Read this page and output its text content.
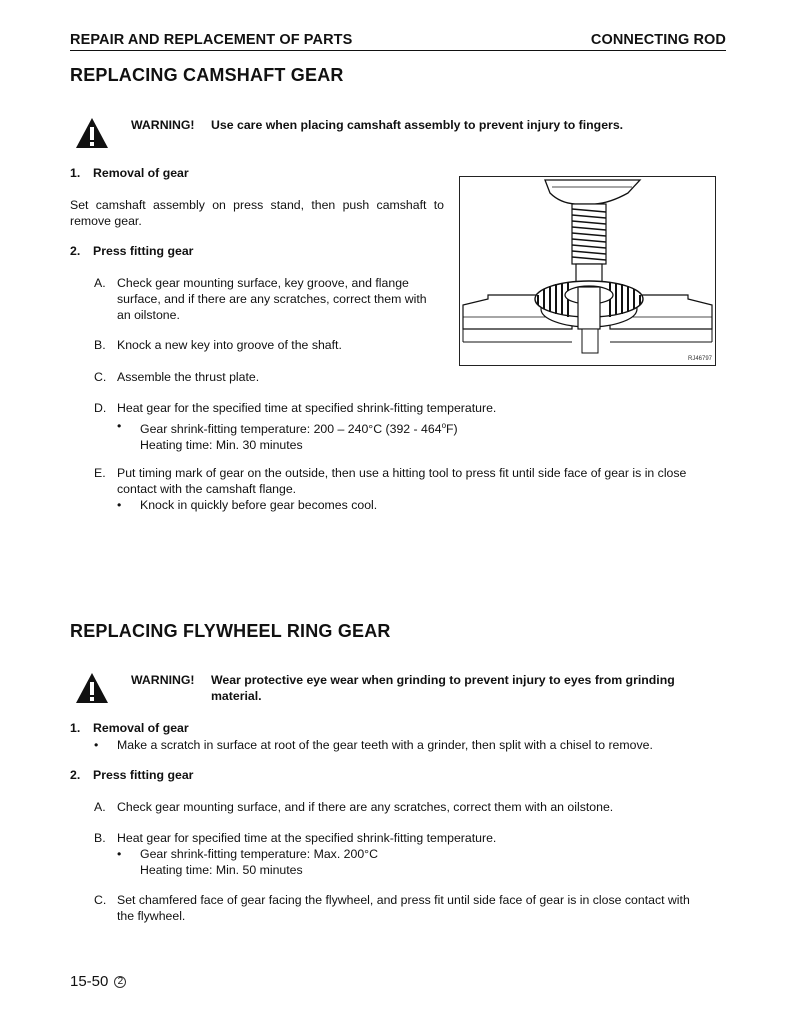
REPAIR AND REPLACEMENT OF PARTS	CONNECTING ROD
REPLACING CAMSHAFT GEAR
WARNING! Use care when placing camshaft assembly to prevent injury to fingers.
1. Removal of gear
Set camshaft assembly on press stand, then push camshaft to
remove gear.
2. Press fitting gear
A. Check gear mounting surface, key groove, and flange
surface, and if there are any scratches, correct them with
an oilstone.
B. Knock a new key into groove of the shaft.
C. Assemble the thrust plate.
D. Heat gear for the specified time at specified shrink-fitting temperature.
• Gear shrink-fitting temperature: 200 – 240°C (392 - 464$^o$F)
Heating time: Min. 30 minutes
E. Put timing mark of gear on the outside, then use a hitting tool to press fit until side face of gear is in close
contact with the camshaft flange.
• Knock in quickly before gear becomes cool.
RJ46797
REPLACING FLYWHEEL RING GEAR
WARNING! Wear protective eye wear when grinding to prevent injury to eyes from grinding
material.
1. Removal of gear
• Make a scratch in surface at root of the gear teeth with a grinder, then split with a chisel to remove.
2. Press fitting gear
A. Check gear mounting surface, and if there are any scratches, correct them with an oilstone.
B. Heat gear for specified time at the specified shrink-fitting temperature.
• Gear shrink-fitting temperature: Max. 200°C
Heating time: Min. 50 minutes
C. Set chamfered face of gear facing the flywheel, and press fit until side face of gear is in close contact with
the flywheel.
15-50 2
